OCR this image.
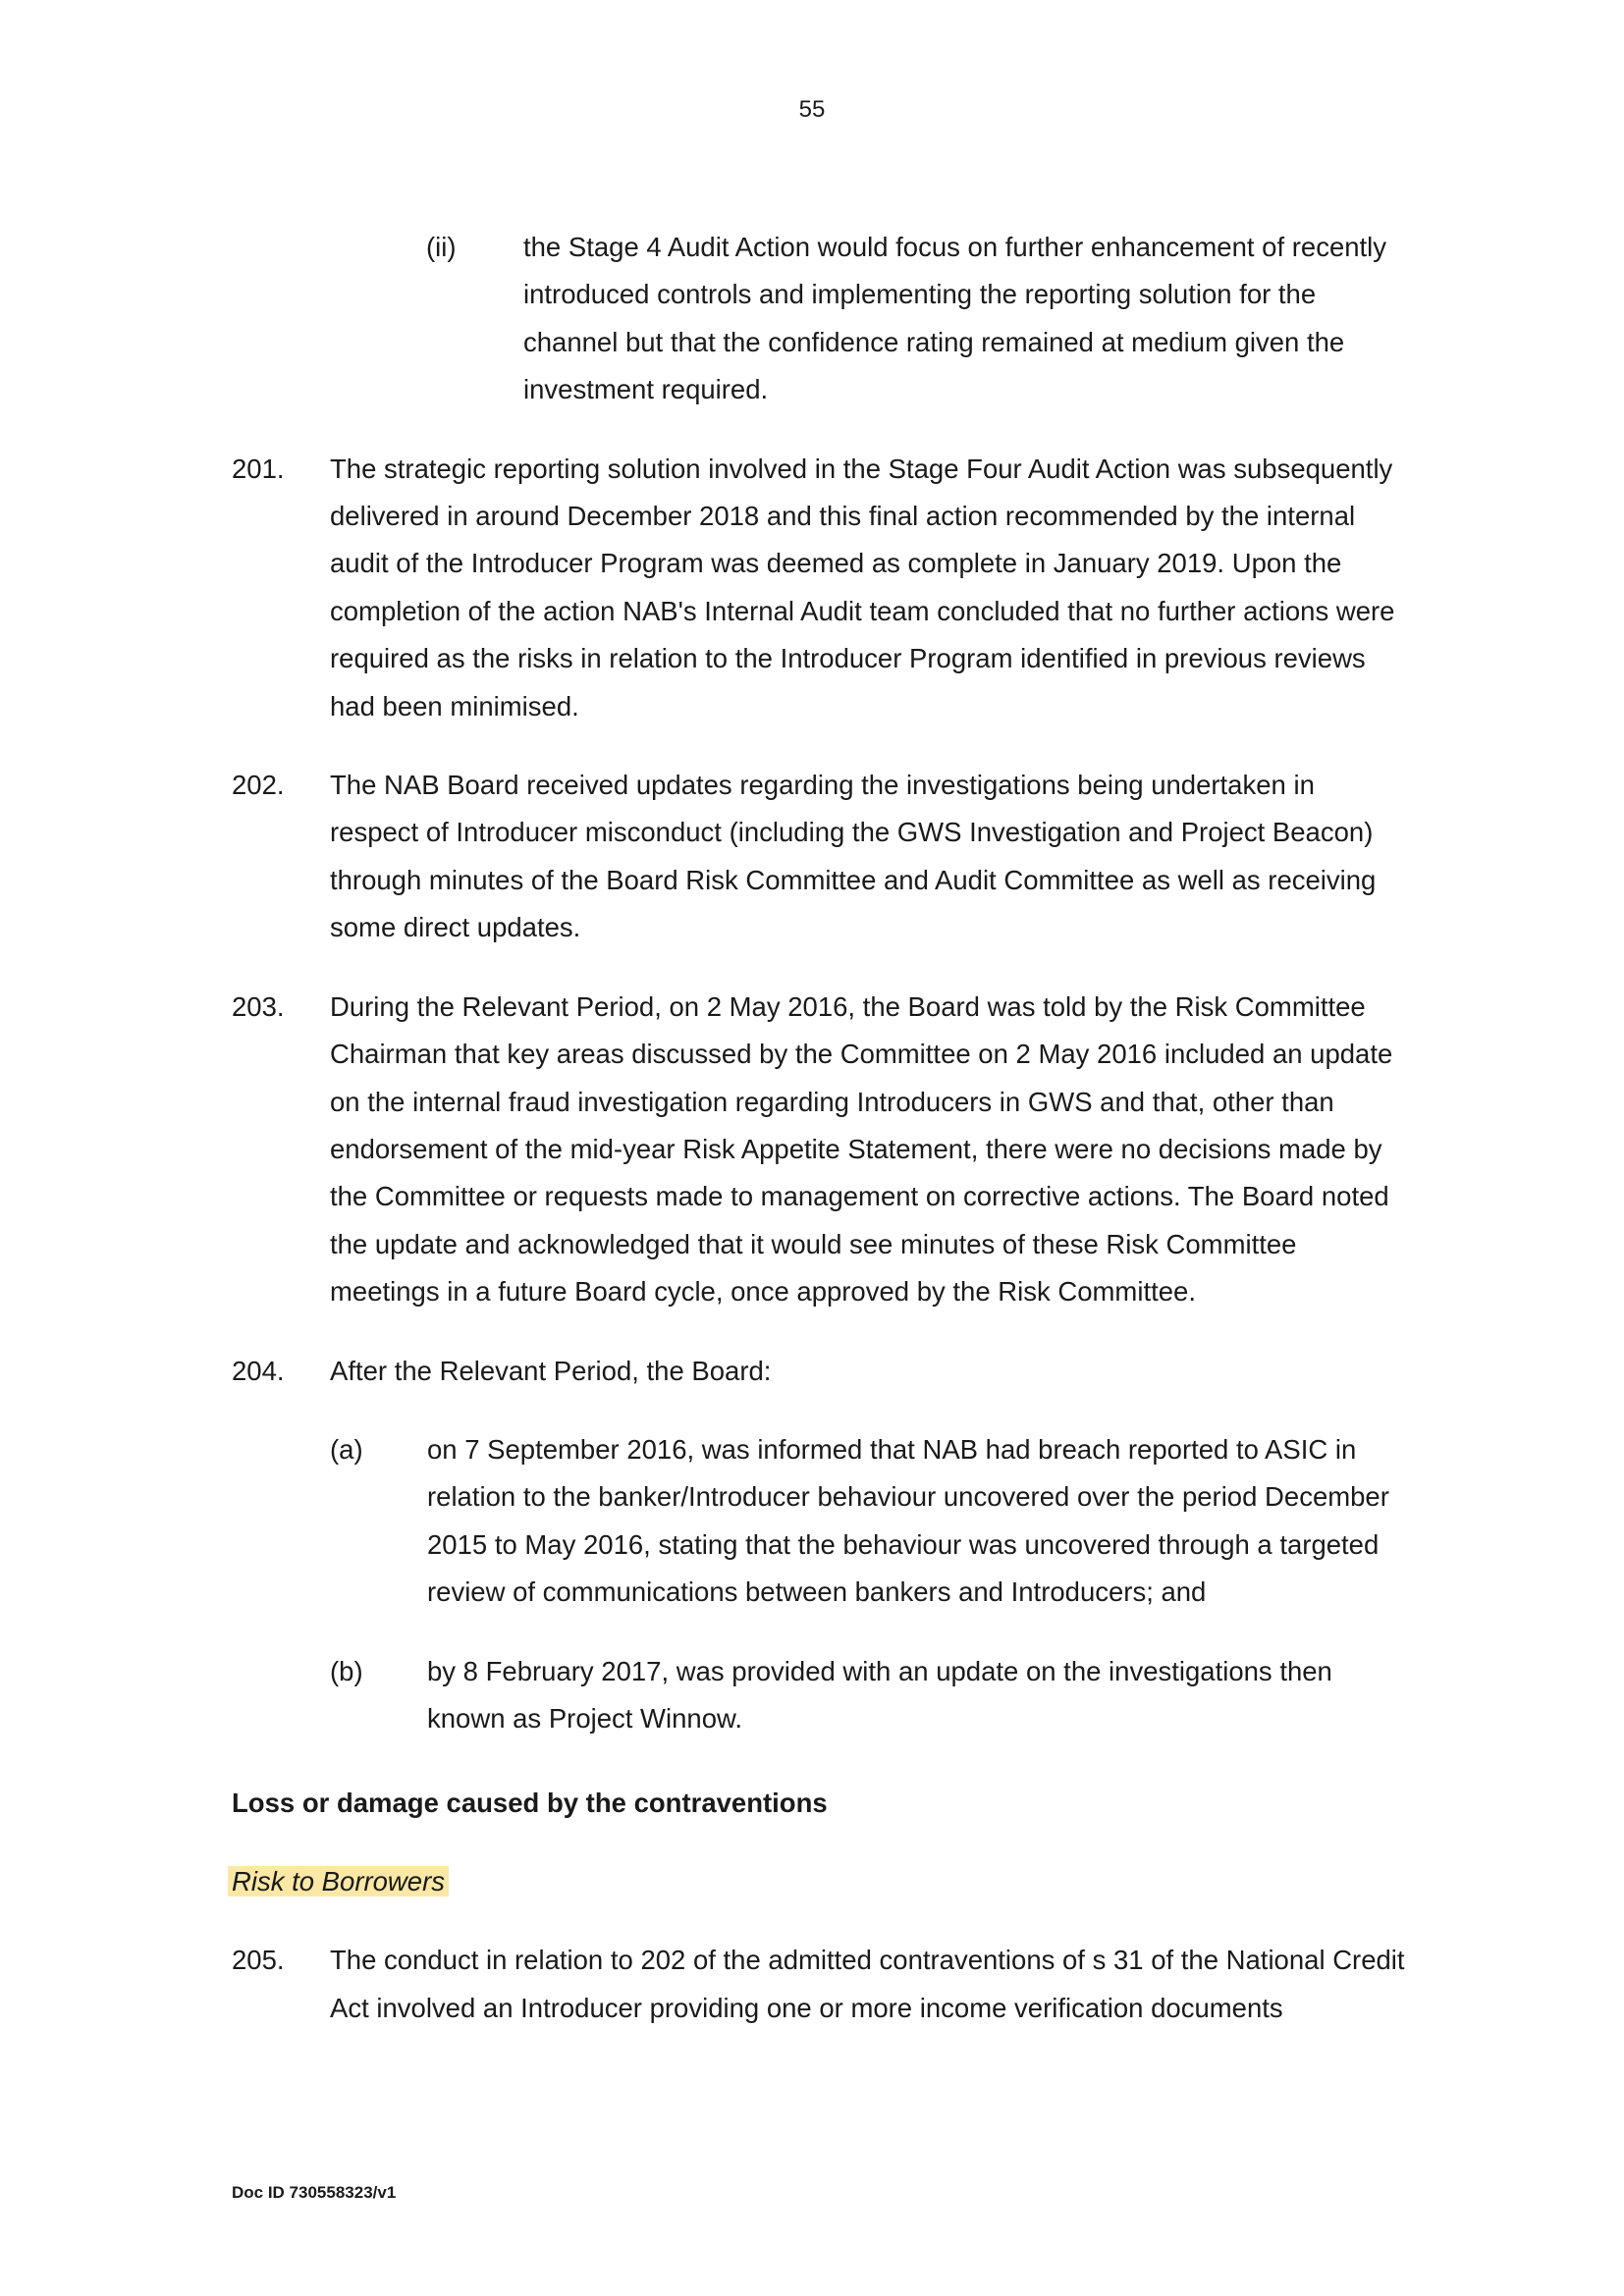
55
(ii)	the Stage 4 Audit Action would focus on further enhancement of recently introduced controls and implementing the reporting solution for the channel but that the confidence rating remained at medium given the investment required.
201.	The strategic reporting solution involved in the Stage Four Audit Action was subsequently delivered in around December 2018 and this final action recommended by the internal audit of the Introducer Program was deemed as complete in January 2019. Upon the completion of the action NAB's Internal Audit team concluded that no further actions were required as the risks in relation to the Introducer Program identified in previous reviews had been minimised.
202.	The NAB Board received updates regarding the investigations being undertaken in respect of Introducer misconduct (including the GWS Investigation and Project Beacon) through minutes of the Board Risk Committee and Audit Committee as well as receiving some direct updates.
203.	During the Relevant Period, on 2 May 2016, the Board was told by the Risk Committee Chairman that key areas discussed by the Committee on 2 May 2016 included an update on the internal fraud investigation regarding Introducers in GWS and that, other than endorsement of the mid-year Risk Appetite Statement, there were no decisions made by the Committee or requests made to management on corrective actions. The Board noted the update and acknowledged that it would see minutes of these Risk Committee meetings in a future Board cycle, once approved by the Risk Committee.
204.	After the Relevant Period, the Board:
(a)	on 7 September 2016, was informed that NAB had breach reported to ASIC in relation to the banker/Introducer behaviour uncovered over the period December 2015 to May 2016, stating that the behaviour was uncovered through a targeted review of communications between bankers and Introducers; and
(b)	by 8 February 2017, was provided with an update on the investigations then known as Project Winnow.
Loss or damage caused by the contraventions
Risk to Borrowers
205.	The conduct in relation to 202 of the admitted contraventions of s 31 of the National Credit Act involved an Introducer providing one or more income verification documents
Doc ID 730558323/v1
